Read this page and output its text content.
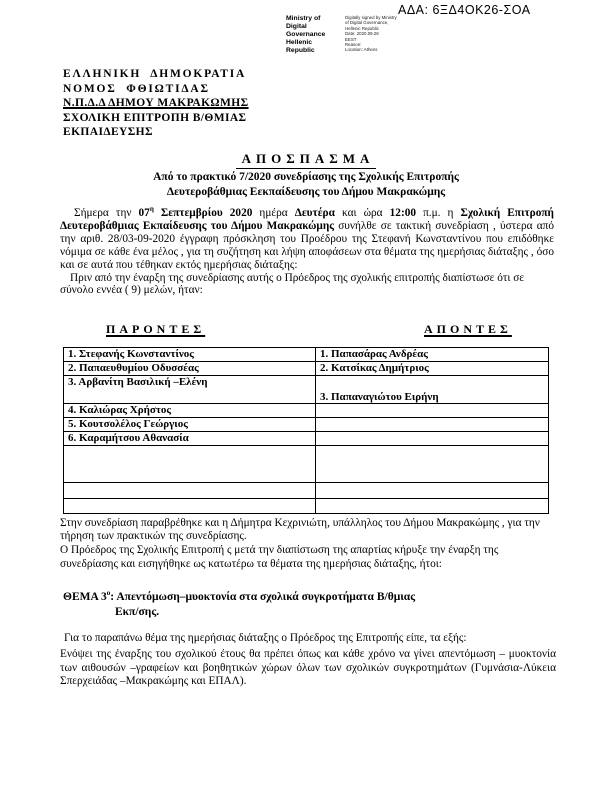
ΑΔΑ: 6ΞΔ4ΟΚ26-ΣΟΑ
Ministry of Digital
Governance
Hellenic Republic
Digitally signed by Ministry
of Digital Governance,
Hellenic Republic
Date: 2020.09.28
EEST
Reason:
Location: Athens
ΕΛΛΗΝΙΚΗ ΔΗΜΟΚΡΑΤΙΑ
ΝΟΜΟΣ ΦΘΙΩΤΙΔΑΣ
Ν.Π.Δ.Δ ΔΗΜΟΥ ΜΑΚΡΑΚΩΜΗΣ
ΣΧΟΛΙΚΗ ΕΠΙΤΡΟΠΗ Β/ΘΜΙΑΣ
ΕΚΠΑΙΔΕΥΣΗΣ
ΑΠΟΣΠΑΣΜΑ
Από το πρακτικό 7/2020 συνεδρίασης της Σχολικής Επιτροπής
Δευτεροβάθμιας Εεκπαίδευσης του Δήμου Μακρακώμης

Σήμερα την $07^\eta$ Σεπτεμβρίου 2020 ημέρα Δευτέρα και ώρα 12:00 π.μ. η Σχολική Επιτροπή Δευτεροβάθμιας Εκπαίδευσης του Δήμου Μακρακώμης συνήλθε σε τακτική συνεδρίαση , ύστερα από την αριθ. 28/03-09-2020 έγγραφη πρόσκληση του Προέδρου της Στεφανή Κωνσταντίνου που επιδόθηκε νόμιμα σε κάθε ένα μέλος , για τη συζήτηση και λήψη αποφάσεων στα θέματα της ημερήσιας διάταξης , όσο και σε αυτά που τέθηκαν εκτός ημερήσιας διάταξης:

Πριν από την έναρξη της συνεδρίασης αυτής ο Πρόεδρος της σχολικής επιτροπής διαπίστωσε ότι σε σύνολο εννέα ( 9) μελών, ήταν:

ΠΑΡΟΝΤΕΣ	ΑΠΟΝΤΕΣ
1. Στεφανής Κωνσταντίνος	1. Παπασάρας Ανδρέας
2. Παπαευθυμίου Οδυσσέας	2. Κατσίκας Δημήτριος
3. Αρβανίτη Βασιλική –Ελένη	3. Παπαναγιώτου Ειρήνη
4. Καλιώρας Χρήστος	
5. Κουτσολέλος Γεώργιος	
6. Καραμήτσου Αθανασία	

Στην συνεδρίαση παραβρέθηκε και η Δήμητρα Κεχρινιώτη, υπάλληλος του Δήμου Μακρακώμης , για την τήρηση των πρακτικών της συνεδρίασης.

Ο Πρόεδρος της Σχολικής Επιτροπή ς μετά την διαπίστωση της απαρτίας κήρυξε την έναρξη της συνεδρίασης και εισηγήθηκε ως κατωτέρω τα θέματα της ημερήσιας διάταξης, ήτοι:

ΘΕΜΑ $3^o$: Απεντόμωση–μυοκτονία στα σχολικά συγκροτήματα Β/θμιας
Εκπ/σης.

Για το παραπάνω θέμα της ημερήσιας διάταξης ο Πρόεδρος της Επιτροπής είπε, τα εξής:

Ενόψει της έναρξης του σχολικού έτους θα πρέπει όπως και κάθε χρόνο να γίνει απεντόμωση – μυοκτονία των αιθουσών –γραφείων και βοηθητικών χώρων όλων των σχολικών συγκροτημάτων (Γυμνάσια-Λύκεια Σπερχειάδας –Μακρακώμης και ΕΠΑΛ).
